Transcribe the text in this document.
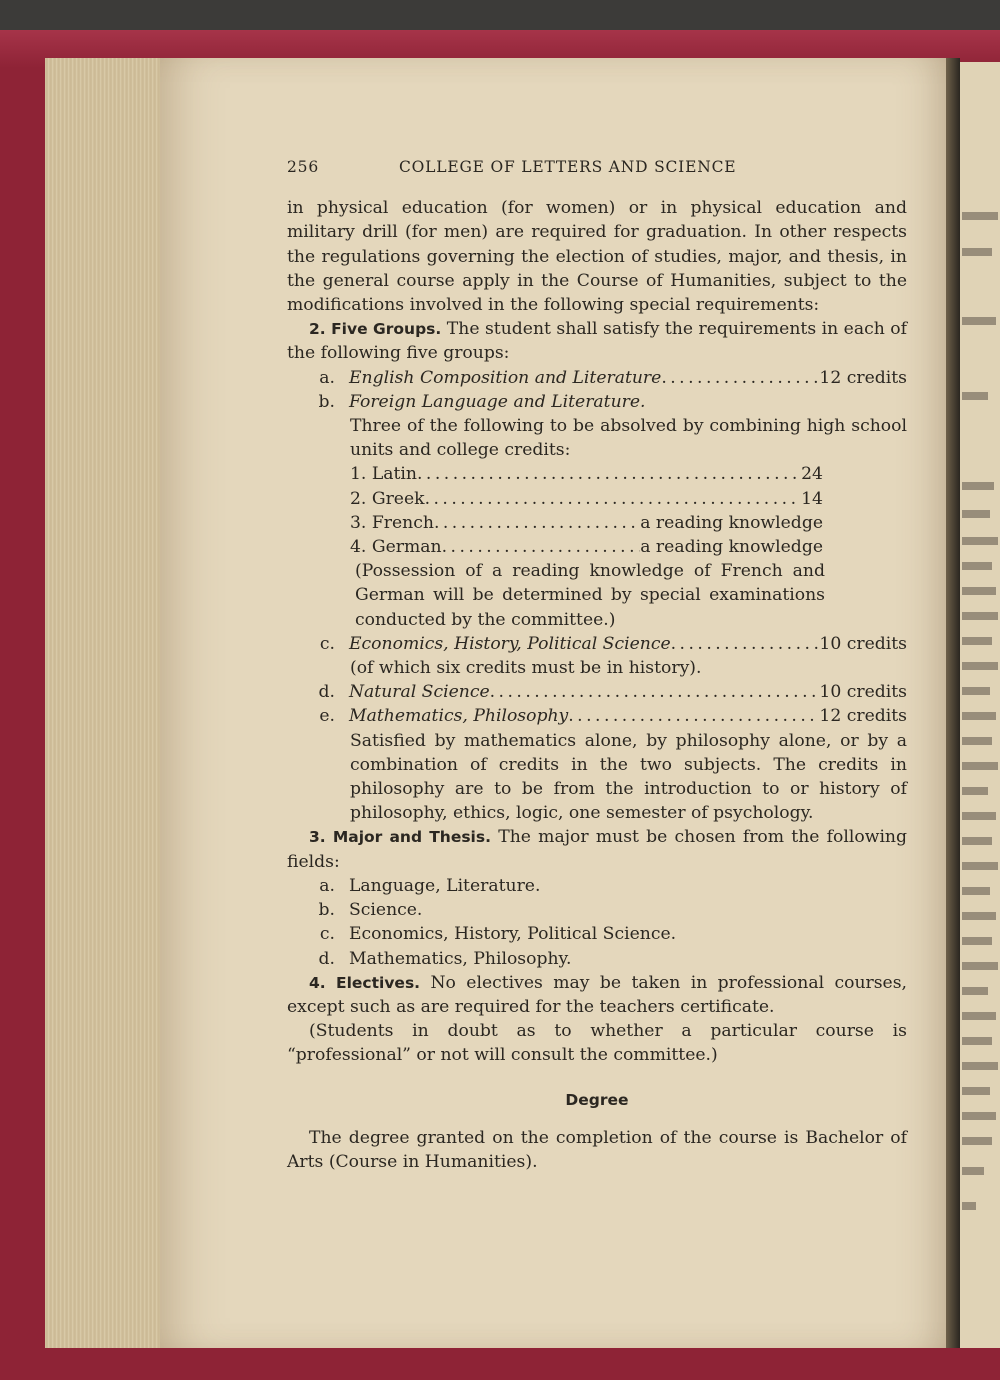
256	COLLEGE OF LETTERS AND SCIENCE

in physical education (for women) or in physical education and military drill (for men) are required for graduation. In other respects the regulations governing the election of studies, major, and thesis, in the general course apply in the Course of Humanities, subject to the modifications involved in the following special requirements:

2. Five Groups. The student shall satisfy the requirements in each of the following five groups:

a. English Composition and Literature . . .	12 credits
b. Foreign Language and Literature.

Three of the following to be absolved by combining high school units and college credits:

1. Latin . . .	24
2. Greek . . .	14
3. French . . .	a reading knowledge
4. German . . .	a reading knowledge

(Possession of a reading knowledge of French and German will be determined by special examinations conducted by the committee.)

c. Economics, History, Political Science . . .	10 credits

(of which six credits must be in history).

d. Natural Science . . .	10 credits
e. Mathematics, Philosophy . . .	12 credits

Satisfied by mathematics alone, by philosophy alone, or by a combination of credits in the two subjects. The credits in philosophy are to be from the introduction to or history of philosophy, ethics, logic, one semester of psychology.

3. Major and Thesis. The major must be chosen from the following fields:

a. Language, Literature.
b. Science.
c. Economics, History, Political Science.
d. Mathematics, Philosophy.

4. Electives. No electives may be taken in professional courses, except such as are required for the teachers certificate.

(Students in doubt as to whether a particular course is “professional” or not will consult the committee.)

Degree

The degree granted on the completion of the course is Bachelor of Arts (Course in Humanities).
